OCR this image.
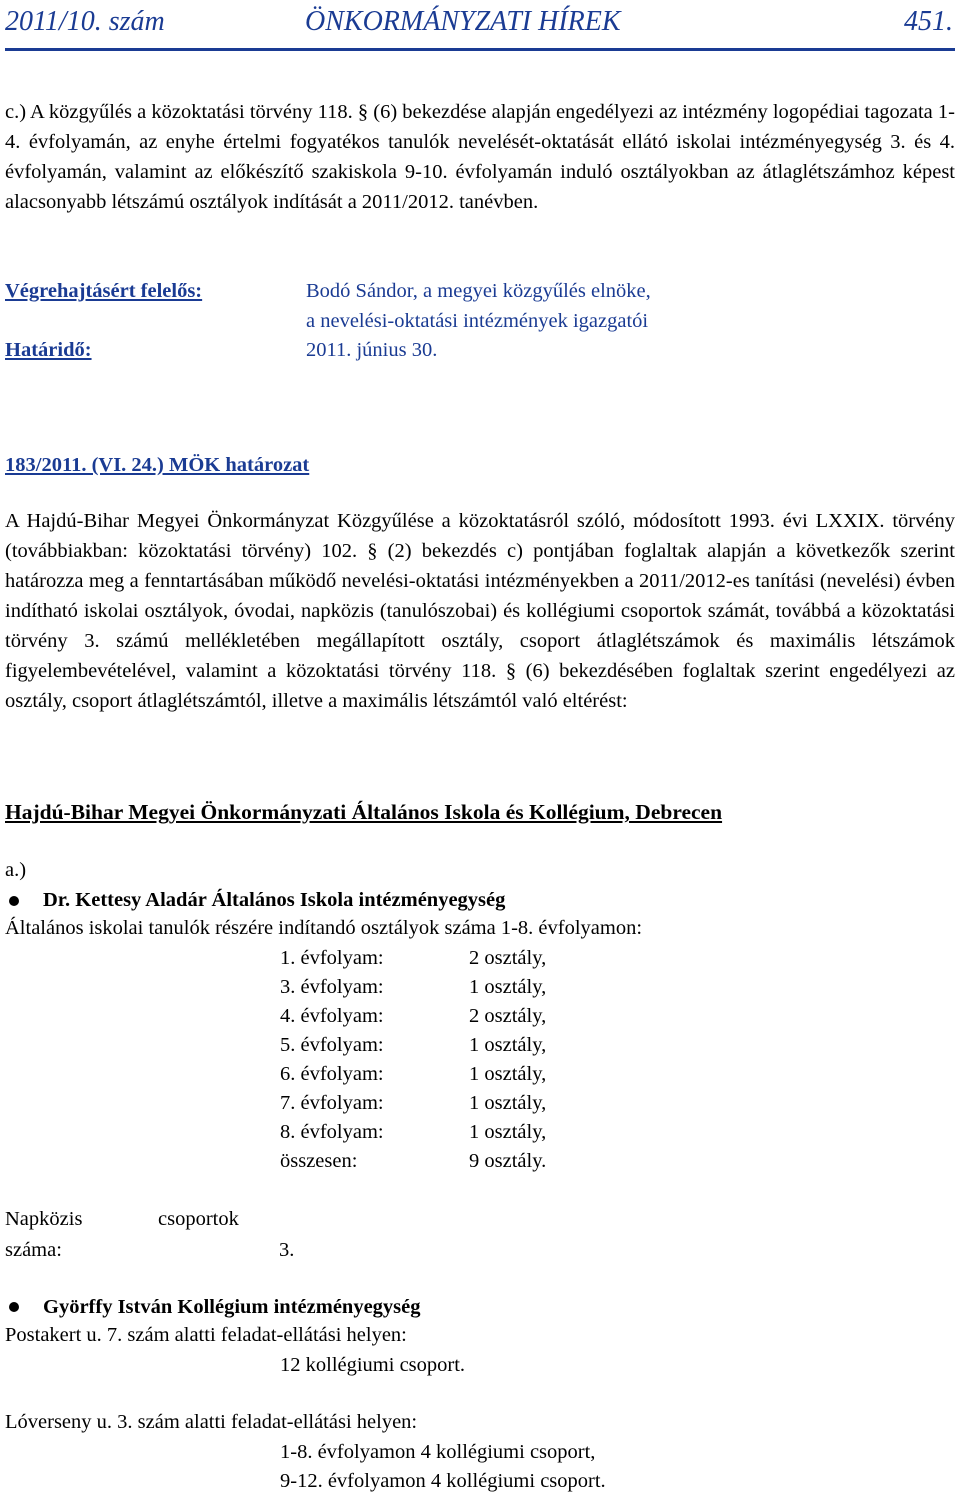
2011/10. szám	ÖNKORMÁNYZATI HÍREK	451.
c.) A közgyűlés a közoktatási törvény 118. § (6) bekezdése alapján engedélyezi az intézmény logopédiai tagozata 1-4. évfolyamán, az enyhe értelmi fogyatékos tanulók nevelését-oktatását ellátó iskolai intézményegység 3. és 4. évfolyamán, valamint az előkészítő szakiskola 9-10. évfolyamán induló osztályokban az átlaglétszámhoz képest alacsonyabb létszámú osztályok indítását a 2011/2012. tanévben.
Végrehajtásért felelős:	Bodó Sándor, a megyei közgyűlés elnöke,
a nevelési-oktatási intézmények igazgatói
Határidő:	2011. június 30.
183/2011. (VI. 24.) MÖK határozat
A Hajdú-Bihar Megyei Önkormányzat Közgyűlése a közoktatásról szóló, módosított 1993. évi LXXIX. törvény (továbbiakban: közoktatási törvény) 102. § (2) bekezdés c) pontjában foglaltak alapján a következők szerint határozza meg a fenntartásában működő nevelési-oktatási intézményekben a 2011/2012-es tanítási (nevelési) évben indítható iskolai osztályok, óvodai, napközis (tanulószobai) és kollégiumi csoportok számát, továbbá a közoktatási törvény 3. számú mellékletében megállapított osztály, csoport átlaglétszámok és maximális létszámok figyelembevételével, valamint a közoktatási törvény 118. § (6) bekezdésében foglaltak szerint engedélyezi az osztály, csoport átlaglétszámtól, illetve a maximális létszámtól való eltérést:
Hajdú-Bihar Megyei Önkormányzati Általános Iskola és Kollégium, Debrecen
a.)
Dr. Kettesy Aladár Általános Iskola intézményegység
Általános iskolai tanulók részére indítandó osztályok száma 1-8. évfolyamon:
1. évfolyam:	2 osztály,
3. évfolyam:	1 osztály,
4. évfolyam:	2 osztály,
5. évfolyam:	1 osztály,
6. évfolyam:	1 osztály,
7. évfolyam:	1 osztály,
8. évfolyam:	1 osztály,
összesen:	9 osztály.
Napközis	csoportok
száma:	3.
Györffy István Kollégium intézményegység
Postakert u. 7. szám alatti feladat-ellátási helyen:
12 kollégiumi csoport.
Lóverseny u. 3. szám alatti feladat-ellátási helyen:
1-8. évfolyamon 4 kollégiumi csoport,
9-12. évfolyamon 4 kollégiumi csoport.
